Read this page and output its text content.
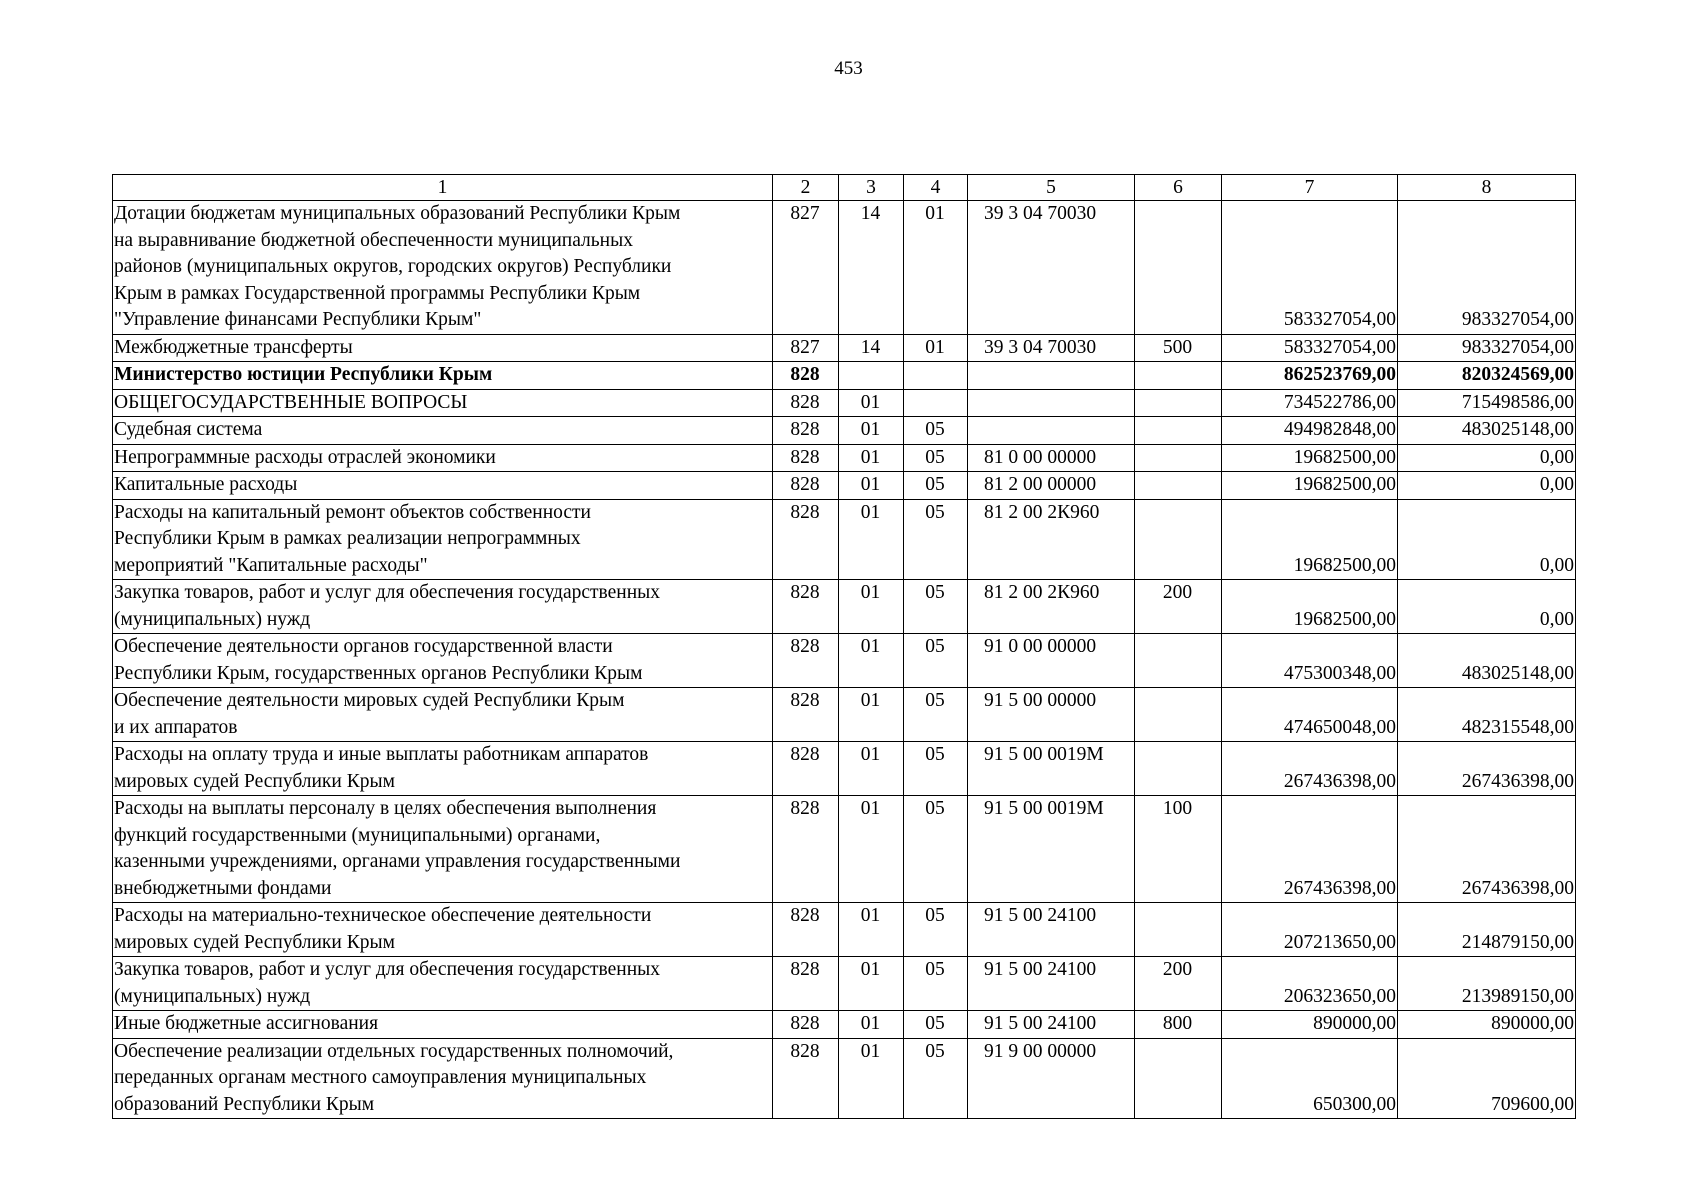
453
1	2	3	4	5	6	7	8

Дотации бюджетам муниципальных образований Республики Крым
на выравнивание бюджетной обеспеченности муниципальных
районов (муниципальных округов, городских округов) Республики
Крым в рамках Государственной программы Республики Крым
"Управление финансами Республики Крым"	827	14	01	39 3 04 70030		583327054,00	983327054,00

Межбюджетные трансферты	827	14	01	39 3 04 70030	500	583327054,00	983327054,00

Министерство юстиции Республики Крым	828					862523769,00	820324569,00

ОБЩЕГОСУДАРСТВЕННЫЕ ВОПРОСЫ	828	01				734522786,00	715498586,00

Судебная система	828	01	05			494982848,00	483025148,00

Непрограммные расходы отраслей экономики	828	01	05	81 0 00 00000		19682500,00	0,00

Капитальные расходы	828	01	05	81 2 00 00000		19682500,00	0,00

Расходы на капитальный ремонт объектов собственности
Республики Крым в рамках реализации непрограммных
мероприятий "Капитальные расходы"	828	01	05	81 2 00 2К960		19682500,00	0,00

Закупка товаров, работ и услуг для обеспечения государственных
(муниципальных) нужд	828	01	05	81 2 00 2К960	200	19682500,00	0,00

Обеспечение деятельности органов государственной власти
Республики Крым, государственных органов Республики Крым	828	01	05	91 0 00 00000		475300348,00	483025148,00

Обеспечение деятельности мировых судей Республики Крым
и их аппаратов	828	01	05	91 5 00 00000		474650048,00	482315548,00

Расходы на оплату труда и иные выплаты работникам аппаратов
мировых судей Республики Крым	828	01	05	91 5 00 0019М		267436398,00	267436398,00

Расходы на выплаты персоналу в целях обеспечения выполнения
функций государственными (муниципальными) органами,
казенными учреждениями, органами управления государственными
внебюджетными фондами	828	01	05	91 5 00 0019М	100	267436398,00	267436398,00

Расходы на материально-техническое обеспечение деятельности
мировых судей Республики Крым	828	01	05	91 5 00 24100		207213650,00	214879150,00

Закупка товаров, работ и услуг для обеспечения государственных
(муниципальных) нужд	828	01	05	91 5 00 24100	200	206323650,00	213989150,00

Иные бюджетные ассигнования	828	01	05	91 5 00 24100	800	890000,00	890000,00

Обеспечение реализации отдельных государственных полномочий,
переданных органам местного самоуправления муниципальных
образований Республики Крым	828	01	05	91 9 00 00000		650300,00	709600,00
